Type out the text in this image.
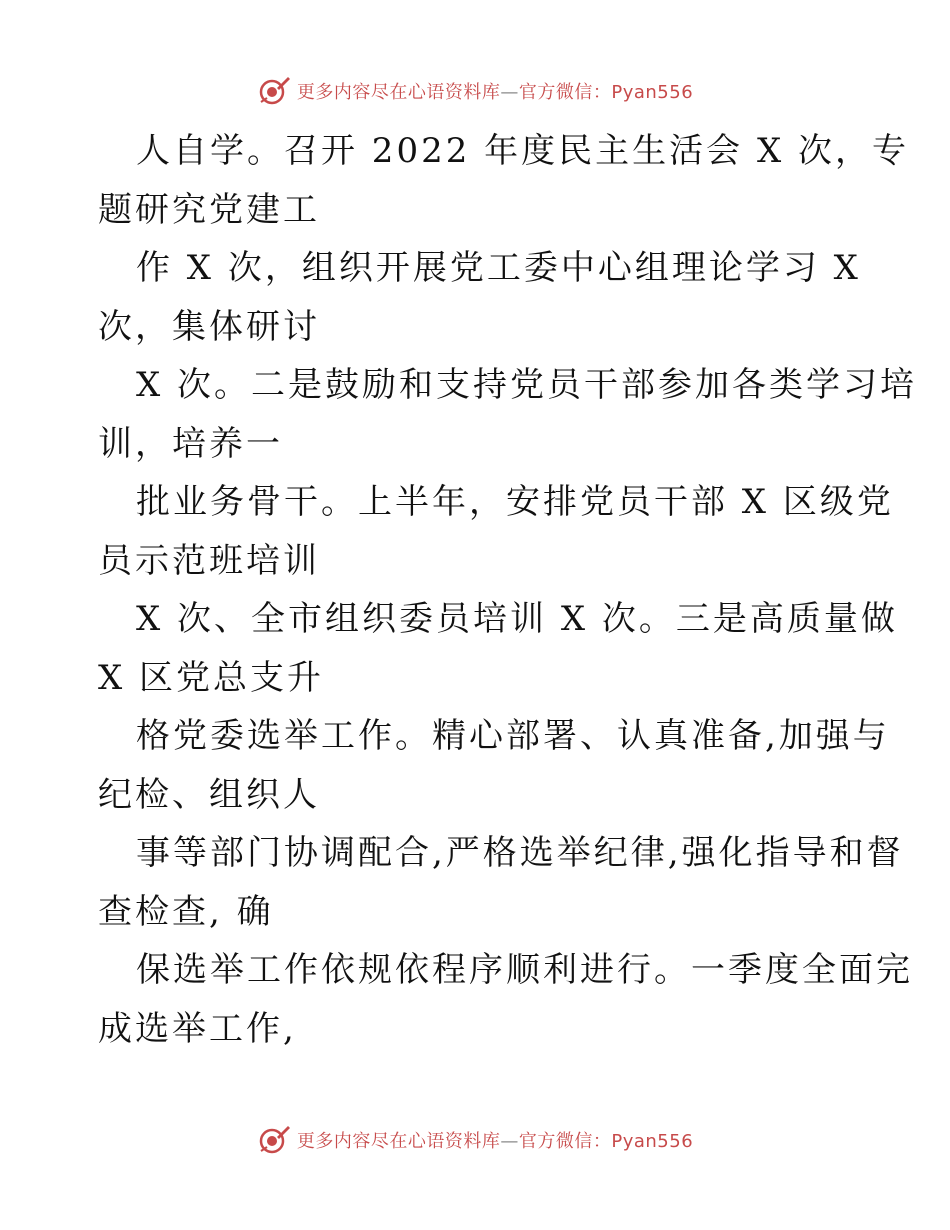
更多内容尽在心语资料库—官方微信：Pyan556
人自学。召开 2022 年度民主生活会 X 次，专
题研究党建工
作 X 次，组织开展党工委中心组理论学习 X
次，集体研讨
X 次。二是鼓励和支持党员干部参加各类学习培
训，培养一
批业务骨干。上半年，安排党员干部 X 区级党
员示范班培训
X 次、全市组织委员培训 X 次。三是高质量做
X 区党总支升
格党委选举工作。精心部署、认真准备,加强与
纪检、组织人
事等部门协调配合,严格选举纪律,强化指导和督
查检查, 确
保选举工作依规依程序顺利进行。一季度全面完
成选举工作,
更多内容尽在心语资料库—官方微信：Pyan556
